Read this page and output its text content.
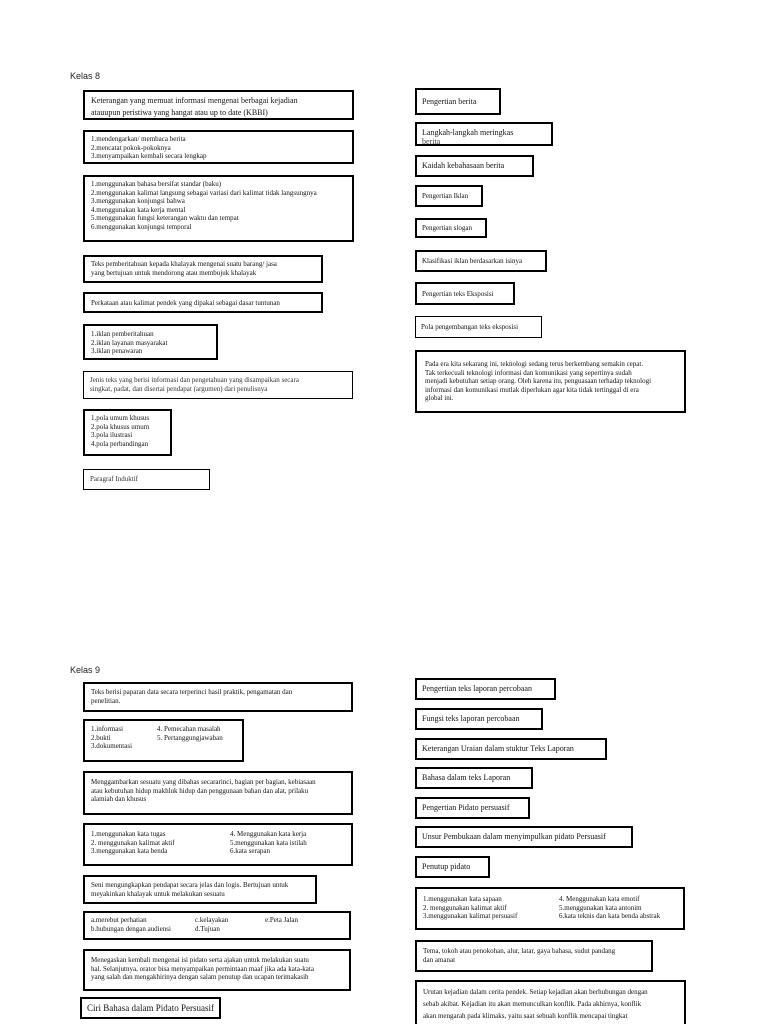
Kelas 8
Keterangan yang memuat informasi mengenai berbagai kejadian
atauupun peristiwa yang hangat atau up to date (KBBI)
1.mendengarkan/ membaca berita
2.mencatat pokok-pokoknya
3.menyampaikan kembali secara lengkap
1.menggunakan bahasa bersifat standar (baku)
2.menggunakan kalimat langsung sebagai variasi dari kalimat tidak langsungnya
3.menggunakan konjungsi bahwa
4.menggunakan kata kerja mental
5.menggunakan fungsi keterangan waktu dan tempat
6.menggunakan konjungsi temporal
Teks pemberitahuan kepada khalayak mengenai suatu barang/ jasa
yang bertujuan untuk mendorong atau membujuk khalayak
Perkataan atau kalimat pendek yang dipakai sebagai dasar tuntunan
1.iklan pemberitahuan
2.iklan layanan masyarakat
3.iklan penawaran
Jenis teks yang berisi informasi dan pengetahuan yang disampaikan secara
singkat, padat, dan disertai pendapat (argumen) dari penulisnya
1.pola umum khusus
2.pola khusus umum
3.pola ilustrasi
4.pola perbandingan
Paragraf Induktif
Pengertian berita
Langkah-langkah meringkas
berita
Kaidah kebahasaan berita
Pengertian Iklan
Pengertian slogan
Klasifikasi iklan berdasarkan isinya
Pengertian teks Eksposisi
Pola pengembangan teks eksposisi
Pada era kita sekarang ini, teknologi sedang terus berkembang semakin cepat.
Tak terkecuali teknologi informasi dan komunikasi yang sepertinya sudah
menjadi kebutuhan setiap orang. Oleh karena itu, penguasaan terhadap teknologi
informasi dan komunikasi mutlak diperlukan agar kita tidak tertinggal di era
global ini.
Kelas 9
Teks berisi paparan data secara terperinci hasil praktik, pengamatan dan
penelitian.
1.informasi
2.bukti
3.dokumentasi
4. Pemecahan masalah
5. Pertanggungjawaban
Menggambarkan sesuatu yang dibahas secararinci, bagian per bagian, kebiasaan
atau kebutuhan hidup makhluk hidup dan penggunaan bahan dan alat, prilaku
alamiah dan khusus
1.menggunakan kata tugas
2. menggunakan kalimat aktif
3.menggunakan kata benda
4. Menggunakan kata kerja
5.menggunakan kata istilah
6.kata serapan
Seni mengungkapkan pendapat secara jelas dan logis. Bertujuan untuk
meyakinkan khalayak untuk melakukan sesuatu
a.merebut perhatian
b.hubungan dengan audiensi
c.kelayakan
d.Tujuan
e.Peta Jalan
Menegaskan kembali mengenai isi pidato serta ajakan untuk melakukan suatu
hal. Selanjutnya, orator bisa menyampaikan permintaan maaf jika ada kata-kata
yang salah dan mengakhirinya dengan salam penutup dan ucapan terimakasih
Ciri Bahasa dalam Pidato Persuasif
Pengertian teks laporan percobaan
Fungsi teks laporan percobaan
Keterangan Uraian dalam stuktur Teks Laporan
Bahasa dalam teks Laporan
Pengertian Pidato persuasif
Unsur Pembukaan dalam menyimpulkan pidato Persuasif
Penutup pidato
1.menggunakan kata sapaan
2. menggunakan kalimat aktif
3.menggunakan kalimat persuasif
4. Menggunakan kata emotif
5.menggunakan kata antonim
6.kata teknis dan kata benda abstrak
Tema, tokoh atau penokohan, alur, latar, gaya bahasa, sudut pandang
dan amanat
Urutan kejadian dalam cerita pendek. Setiap kejadian akan berhubungan dengan
sebab akibat. Kejadian itu akan memunculkan konflik. Pada akhirnya, konflik
akan mengarah pada klimaks, yaitu saat sebuah konflik mencapai tingkat
